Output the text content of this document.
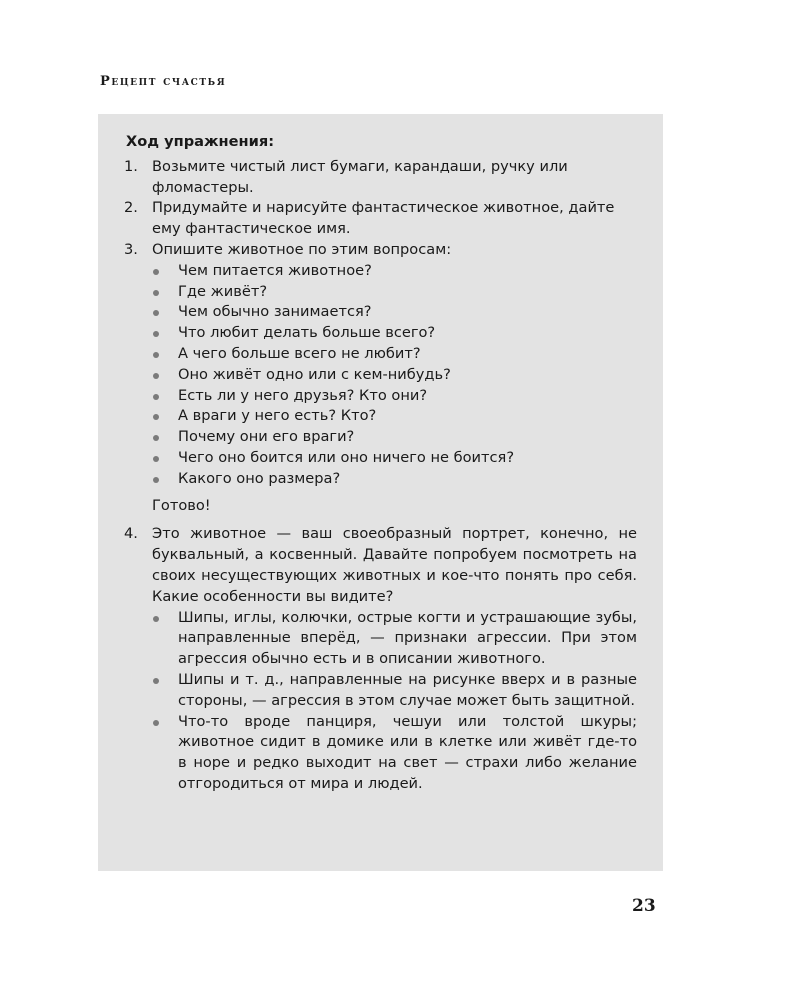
Рецепт счастья
Ход упражнения:
1. Возьмите чистый лист бумаги, карандаши, ручку или фломастеры.
2. Придумайте и нарисуйте фантастическое животное, дайте ему фантастическое имя.
3. Опишите животное по этим вопросам:
Чем питается животное?
Где живёт?
Чем обычно занимается?
Что любит делать больше всего?
А чего больше всего не любит?
Оно живёт одно или с кем-нибудь?
Есть ли у него друзья? Кто они?
А враги у него есть? Кто?
Почему они его враги?
Чего оно боится или оно ничего не боится?
Какого оно размера?
Готово!
4. Это животное — ваш своеобразный портрет, конечно, не буквальный, а косвенный. Давайте попробуем посмотреть на своих несуществующих животных и кое-что понять про себя. Какие особенности вы видите?
Шипы, иглы, колючки, острые когти и устрашающие зубы, направленные вперёд, — признаки агрессии. При этом агрессия обычно есть и в описании животного.
Шипы и т. д., направленные на рисунке вверх и в разные стороны, — агрессия в этом случае может быть защитной.
Что-то вроде панциря, чешуи или толстой шкуры; животное сидит в домике или в клетке или живёт где-то в норе и редко выходит на свет — страхи либо желание отгородиться от мира и людей.
23
